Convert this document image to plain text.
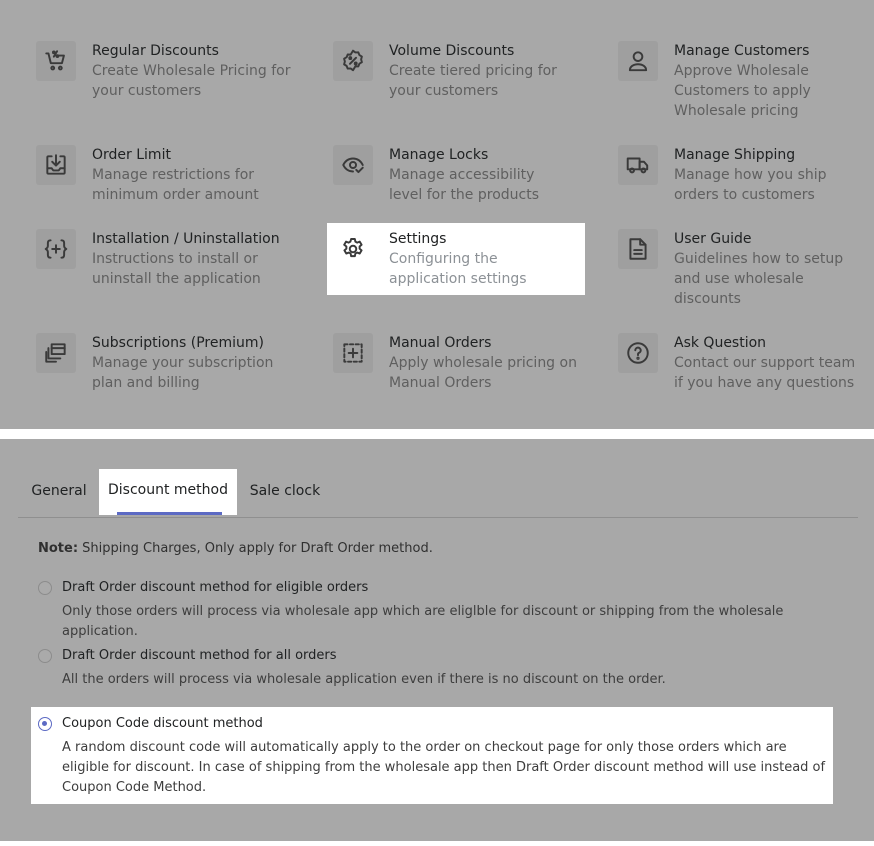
Regular Discounts
Create Wholesale Pricing for your customers
Volume Discounts
Create tiered pricing for your customers
Manage Customers
Approve Wholesale Customers to apply Wholesale pricing
Order Limit
Manage restrictions for minimum order amount
Manage Locks
Manage accessibility level for the products
Manage Shipping
Manage how you ship orders to customers
Installation / Uninstallation
Instructions to install or uninstall the application
Settings
Configuring the application settings
User Guide
Guidelines how to setup and use wholesale discounts
Subscriptions (Premium)
Manage your subscription plan and billing
Manual Orders
Apply wholesale pricing on Manual Orders
Ask Question
Contact our support team if you have any questions
General	Discount method	Sale clock
Note: Shipping Charges, Only apply for Draft Order method.
Draft Order discount method for eligible orders
Only those orders will process via wholesale app which are eliglble for discount or shipping from the wholesale application.
Draft Order discount method for all orders
All the orders will process via wholesale application even if there is no discount on the order.
Coupon Code discount method
A random discount code will automatically apply to the order on checkout page for only those orders which are eligible for discount. In case of shipping from the wholesale app then Draft Order discount method will use instead of Coupon Code Method.
